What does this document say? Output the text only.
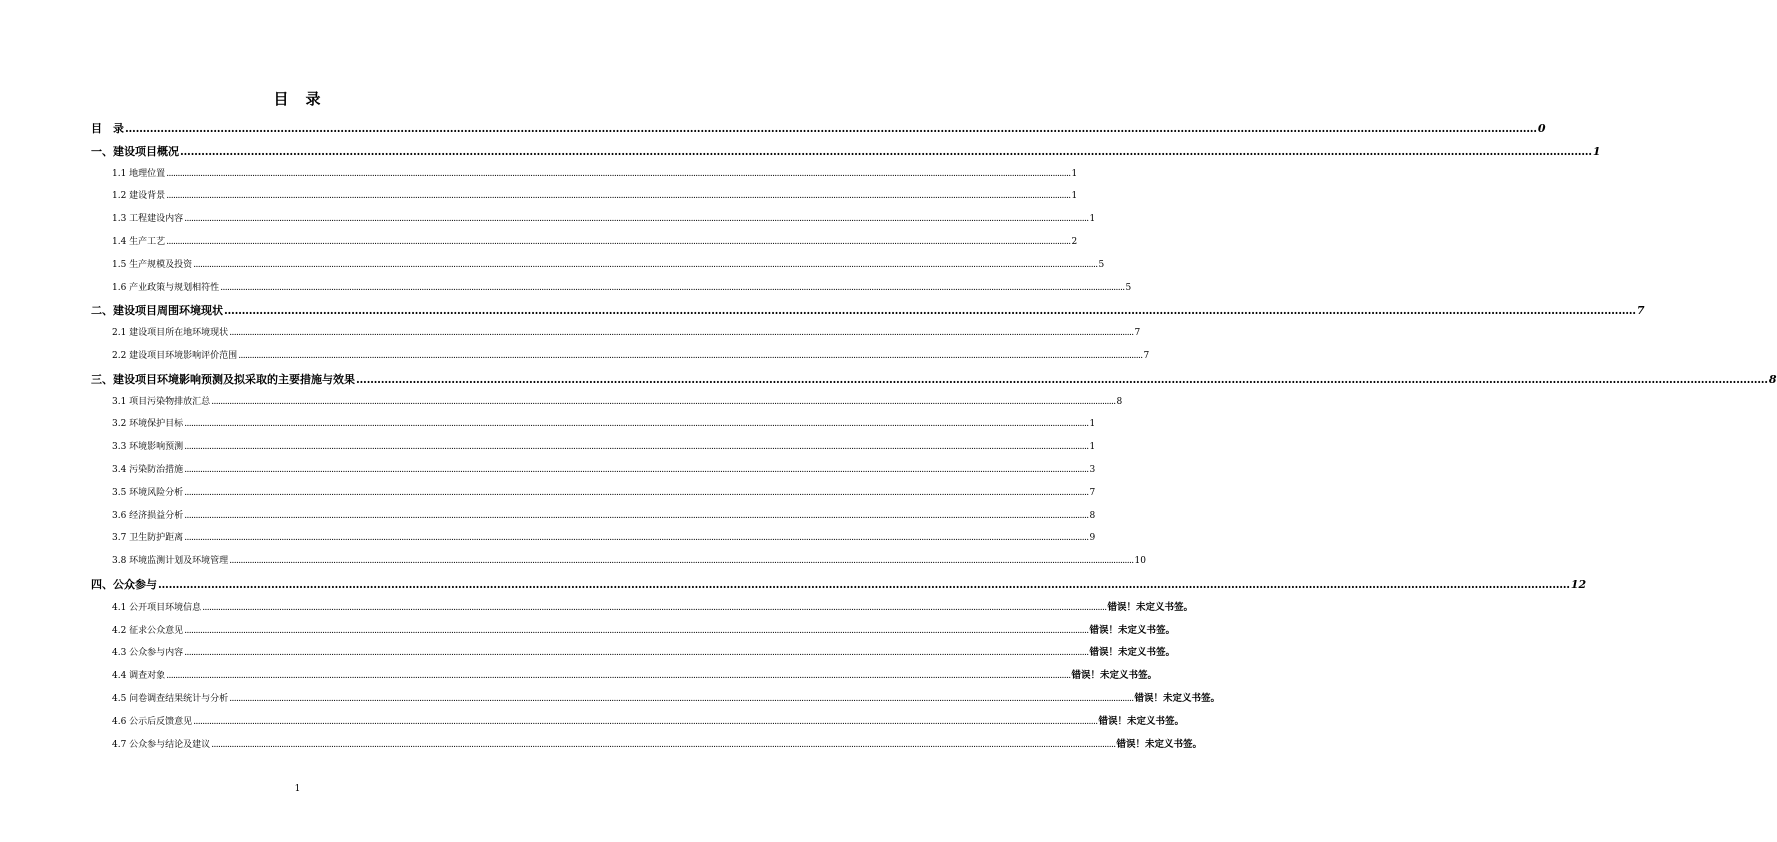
目　录
目　录 ................................................................................................................................................................................................................................................................................................................................................................................................................ 0
一、建设项目概况 ................................................................................................................................................................................................................................................................................................................................................................................................................ 1
1.1 地理位置 ................................................................................................................................................................................................................................................................................................................................................................................................................ 1
1.2 建设背景 ................................................................................................................................................................................................................................................................................................................................................................................................................ 1
1.3 工程建设内容 ................................................................................................................................................................................................................................................................................................................................................................................................................ 1
1.4 生产工艺 ................................................................................................................................................................................................................................................................................................................................................................................................................ 2
1.5 生产规模及投资 ................................................................................................................................................................................................................................................................................................................................................................................................................ 5
1.6 产业政策与规划相符性 ................................................................................................................................................................................................................................................................................................................................................................................................................ 5
二、建设项目周围环境现状 ................................................................................................................................................................................................................................................................................................................................................................................................................ 7
2.1 建设项目所在地环境现状 ................................................................................................................................................................................................................................................................................................................................................................................................................ 7
2.2 建设项目环境影响评价范围 ................................................................................................................................................................................................................................................................................................................................................................................................................ 7
三、建设项目环境影响预测及拟采取的主要措施与效果 ................................................................................................................................................................................................................................................................................................................................................................................................................ 8
3.1 项目污染物排放汇总 ................................................................................................................................................................................................................................................................................................................................................................................................................ 8
3.2 环境保护目标 ................................................................................................................................................................................................................................................................................................................................................................................................................ 1
3.3 环境影响预测 ................................................................................................................................................................................................................................................................................................................................................................................................................ 1
3.4 污染防治措施 ................................................................................................................................................................................................................................................................................................................................................................................................................ 3
3.5 环境风险分析 ................................................................................................................................................................................................................................................................................................................................................................................................................ 7
3.6 经济损益分析 ................................................................................................................................................................................................................................................................................................................................................................................................................ 8
3.7 卫生防护距离 ................................................................................................................................................................................................................................................................................................................................................................................................................ 9
3.8 环境监测计划及环境管理 ................................................................................................................................................................................................................................................................................................................................................................................................................ 10
四、公众参与 ................................................................................................................................................................................................................................................................................................................................................................................................................ 12
4.1 公开项目环境信息 ................................................................................................................................................................................................................................................................................................................................................................................................................ 错误！未定义书签。
4.2 征求公众意见 ................................................................................................................................................................................................................................................................................................................................................................................................................ 错误！未定义书签。
4.3 公众参与内容 ................................................................................................................................................................................................................................................................................................................................................................................................................ 错误！未定义书签。
4.4 调查对象 ................................................................................................................................................................................................................................................................................................................................................................................................................ 错误！未定义书签。
4.5 问卷调查结果统计与分析 ................................................................................................................................................................................................................................................................................................................................................................................................................ 错误！未定义书签。
4.6 公示后反馈意见 ................................................................................................................................................................................................................................................................................................................................................................................................................ 错误！未定义书签。
4.7 公众参与结论及建议 ................................................................................................................................................................................................................................................................................................................................................................................................................ 错误！未定义书签。
1
